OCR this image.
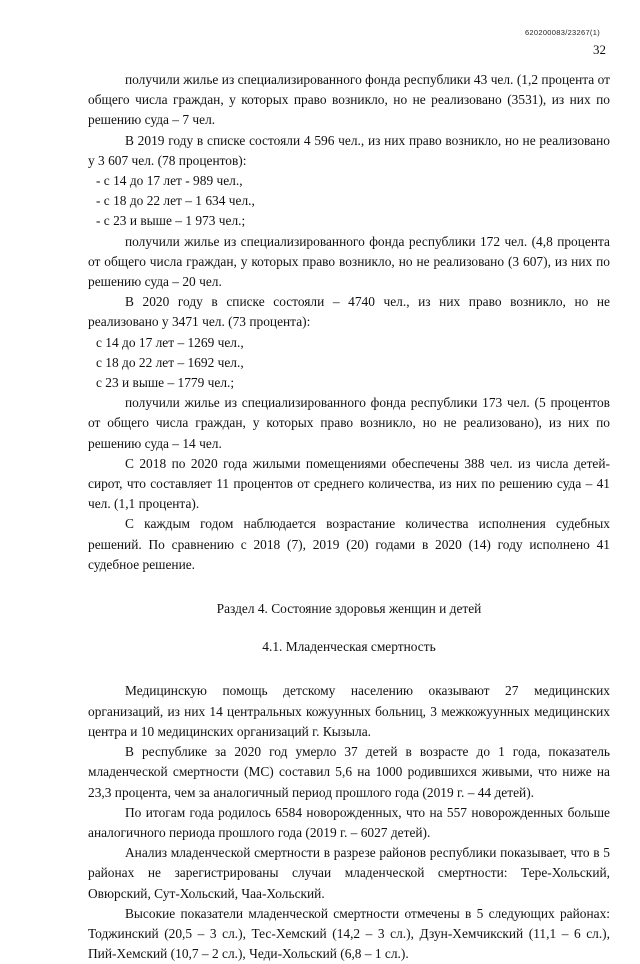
620200083/23267(1)
32

получили жилье из специализированного фонда республики 43 чел. (1,2 процента от общего числа граждан, у которых право возникло, но не реализовано (3531), из них по решению суда – 7 чел.

В 2019 году в списке состояли 4 596 чел., из них право возникло, но не реализовано у 3 607 чел. (78 процентов):

- с 14 до 17 лет - 989 чел.,

- с 18 до 22 лет – 1 634 чел.,

- с 23 и выше – 1 973 чел.;

получили жилье из специализированного фонда республики 172 чел. (4,8 процента от общего числа граждан, у которых право возникло, но не реализовано (3 607), из них по решению суда – 20 чел.

В 2020 году в списке состояли – 4740 чел., из них право возникло, но не реализовано у 3471 чел. (73 процента):

с 14 до 17 лет – 1269 чел.,

с 18 до 22 лет – 1692 чел.,

с 23 и выше – 1779 чел.;

получили жилье из специализированного фонда республики 173 чел. (5 процентов от общего числа граждан, у которых право возникло, но не реализовано), из них по решению суда – 14 чел.

С 2018 по 2020 года жилыми помещениями обеспечены 388 чел. из числа детей-сирот, что составляет 11 процентов от среднего количества, из них по решению суда – 41 чел. (1,1 процента).

С каждым годом наблюдается возрастание количества исполнения судебных решений. По сравнению с 2018 (7), 2019 (20) годами в 2020 (14) году исполнено 41 судебное решение.

Раздел 4. Состояние здоровья женщин и детей

4.1. Младенческая смертность

Медицинскую помощь детскому населению оказывают 27 медицинских организаций, из них 14 центральных кожуунных больниц, 3 межкожуунных медицинских центра и 10 медицинских организаций г. Кызыла.

В республике за 2020 год умерло 37 детей в возрасте до 1 года, показатель младенческой смертности (МС) составил 5,6 на 1000 родившихся живыми, что ниже на 23,3 процента, чем за аналогичный период прошлого года (2019 г. – 44 детей).

По итогам года родилось 6584 новорожденных, что на 557 новорожденных больше аналогичного периода прошлого года (2019 г. – 6027 детей).

Анализ младенческой смертности в разрезе районов республики показывает, что в 5 районах не зарегистрированы случаи младенческой смертности: Тере-Хольский, Овюрский, Сут-Хольский, Чаа-Хольский.

Высокие показатели младенческой смертности отмечены в 5 следующих районах: Тоджинский (20,5 – 3 сл.), Тес-Хемский (14,2 – 3 сл.), Дзун-Хемчикский (11,1 – 6 сл.), Пий-Хемский (10,7 – 2 сл.), Чеди-Хольский (6,8 – 1 сл.).
